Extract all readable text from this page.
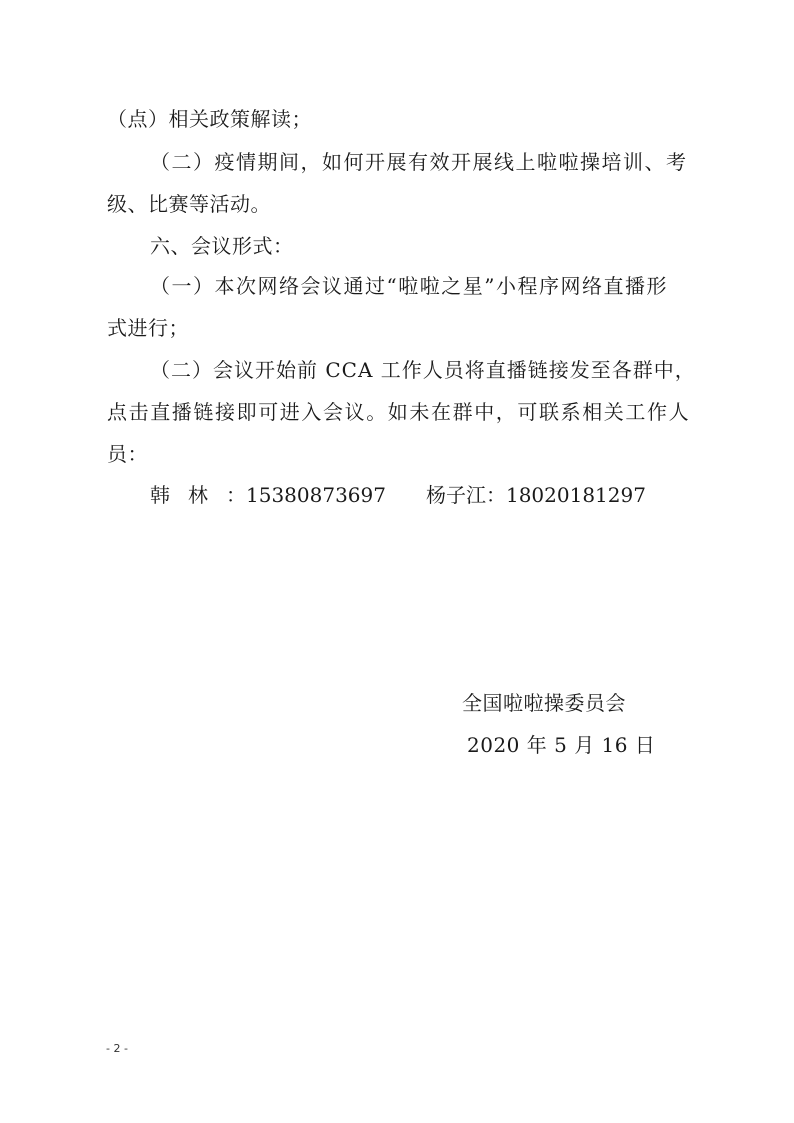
（点）相关政策解读；
（二）疫情期间，如何开展有效开展线上啦啦操培训、考
级、比赛等活动。
六、会议形式：
（一）本次网络会议通过“啦啦之星”小程序网络直播形
式进行；
（二）会议开始前 CCA 工作人员将直播链接发至各群中，
点击直播链接即可进入会议。如未在群中，可联系相关工作人
员：
韩林：15380873697 杨子江：18020181297
全国啦啦操委员会
2020 年 5 月 16 日
- 2 -
